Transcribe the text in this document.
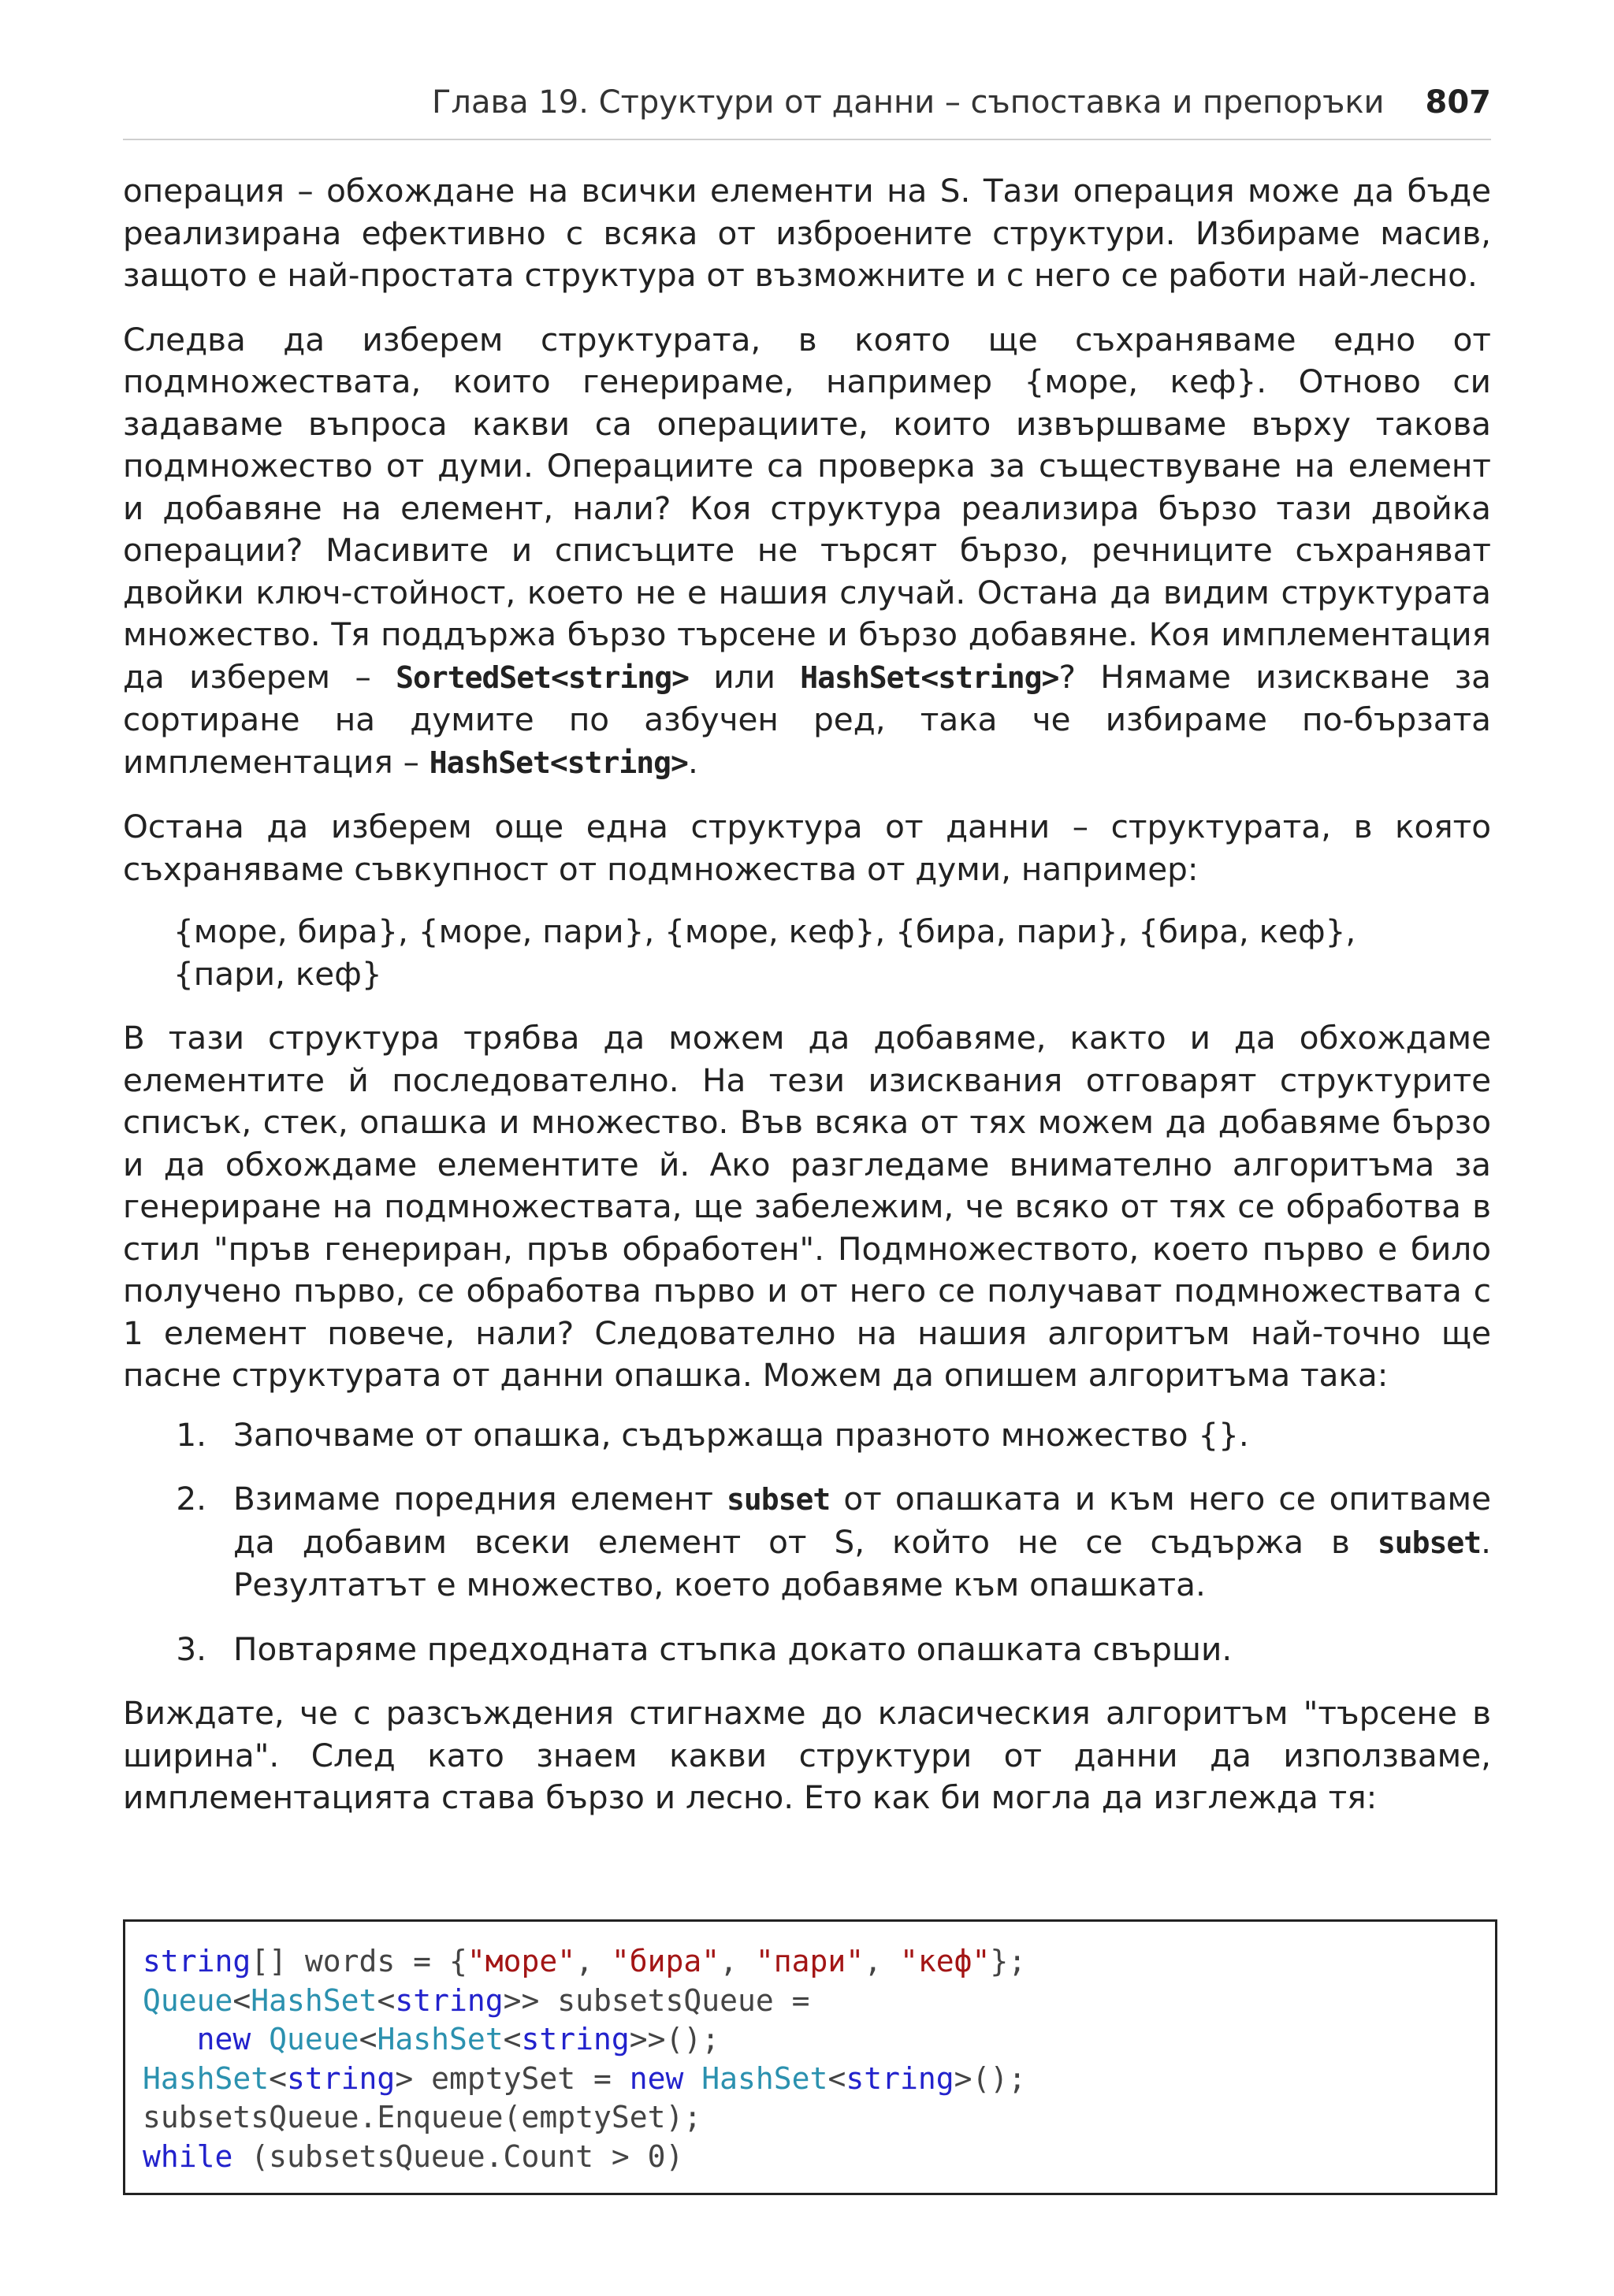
Глава 19. Структури от данни – съпоставка и препоръки 807

операция – обхождане на всички елементи на S. Тази операция може да бъде реализирана ефективно с всяка от изброените структури. Избираме масив, защото е най-простата структура от възможните и с него се работи най-лесно.

Следва да изберем структурата, в която ще съхраняваме едно от подмножествата, които генерираме, например {море, кеф}. Отново си задаваме въпроса какви са операциите, които извършваме върху такова подмножество от думи. Операциите са проверка за съществуване на елемент и добавяне на елемент, нали? Коя структура реализира бързо тази двойка операции? Масивите и списъците не търсят бързо, речниците съхраняват двойки ключ-стойност, което не е нашия случай. Остана да видим структурата множество. Тя поддържа бързо търсене и бързо добавяне. Коя имплементация да изберем – SortedSet<string> или HashSet<string>? Нямаме изискване за сортиране на думите по азбучен ред, така че избираме по-бързата имплементация – HashSet<string>.

Остана да изберем още една структура от данни – структурата, в която съхраняваме съвкупност от подмножества от думи, например:

{море, бира}, {море, пари}, {море, кеф}, {бира, пари}, {бира, кеф},

{пари, кеф}

В тази структура трябва да можем да добавяме, както и да обхождаме елементите й последователно. На тези изисквания отговарят структурите списък, стек, опашка и множество. Във всяка от тях можем да добавяме бързо и да обхождаме елементите й. Ако разгледаме внимателно алгоритъма за генериране на подмножествата, ще забележим, че всяко от тях се обработва в стил "пръв генериран, пръв обработен". Подмножеството, което първо е било получено първо, се обработва първо и от него се получават подмножествата с 1 елемент повече, нали? Следователно на нашия алгоритъм най-точно ще пасне структурата от данни опашка. Можем да опишем алгоритъма така:

1. Започваме от опашка, съдържаща празното множество {}.

2. Взимаме поредния елемент subset от опашката и към него се опитваме да добавим всеки елемент от S, който не се съдържа в subset. Резултатът е множество, което добавяме към опашката.

3. Повтаряме предходната стъпка докато опашката свърши.

Виждате, че с разсъждения стигнахме до класическия алгоритъм "търсене в ширина". След като знаем какви структури от данни да използваме, имплементацията става бързо и лесно. Ето как би могла да изглежда тя:

string[] words = {"море", "бира", "пари", "кеф"};
Queue<HashSet<string>> subsetsQueue =
new Queue<HashSet<string>>();
HashSet<string> emptySet = new HashSet<string>();
subsetsQueue.Enqueue(emptySet);
while (subsetsQueue.Count > 0)
